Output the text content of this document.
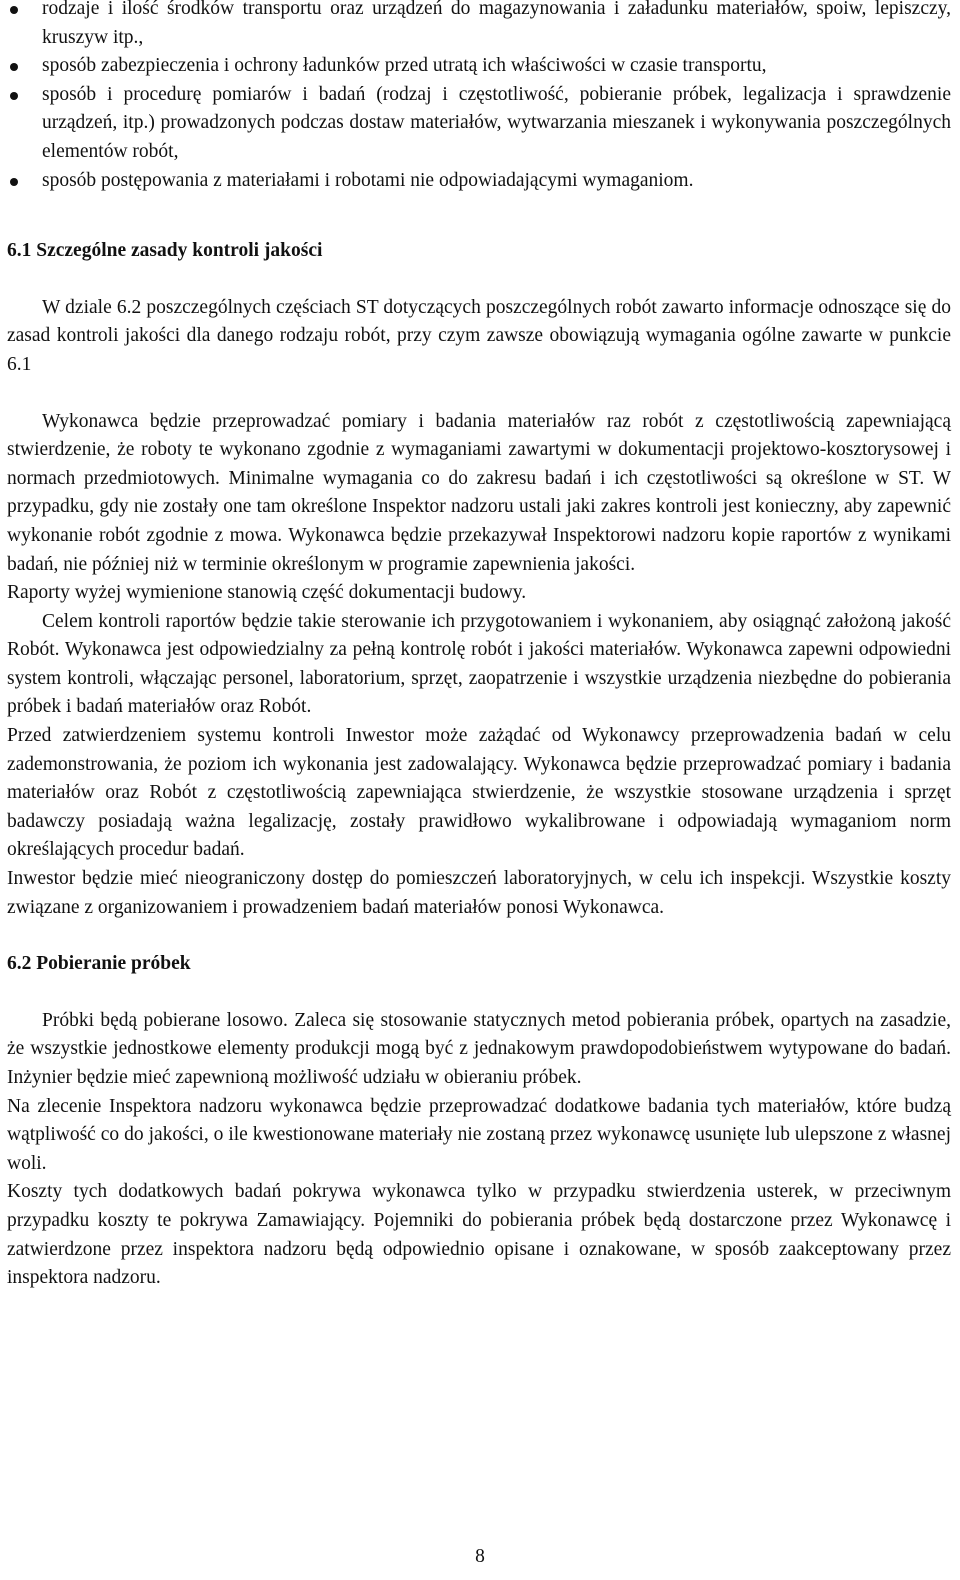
rodzaje i ilość środków transportu oraz urządzeń do magazynowania i załadunku materiałów, spoiw, lepiszczy, kruszyw itp.,
sposób zabezpieczenia i ochrony ładunków przed utratą ich właściwości w czasie transportu,
sposób i procedurę pomiarów i badań (rodzaj i częstotliwość, pobieranie próbek, legalizacja i sprawdzenie urządzeń, itp.) prowadzonych podczas dostaw materiałów, wytwarzania mieszanek i wykonywania poszczególnych elementów robót,
sposób postępowania z materiałami i robotami nie odpowiadającymi wymaganiom.
6.1 Szczególne zasady kontroli jakości

W dziale 6.2 poszczególnych częściach ST dotyczących poszczególnych robót zawarto informacje odnoszące się do zasad kontroli jakości dla danego rodzaju robót, przy czym zawsze obowiązują wymagania ogólne zawarte w punkcie 6.1

Wykonawca będzie przeprowadzać pomiary i badania materiałów raz robót z częstotliwością zapewniającą stwierdzenie, że roboty te wykonano zgodnie z wymaganiami zawartymi w dokumentacji projektowo-kosztorysowej i normach przedmiotowych. Minimalne wymagania co do zakresu badań i ich częstotliwości są określone w ST. W przypadku, gdy nie zostały one tam określone Inspektor nadzoru ustali jaki zakres kontroli jest konieczny, aby zapewnić wykonanie robót zgodnie z mowa. Wykonawca będzie przekazywał Inspektorowi nadzoru kopie raportów z wynikami badań, nie później niż w terminie określonym w programie zapewnienia jakości.

Raporty wyżej wymienione stanowią część dokumentacji budowy.

Celem kontroli raportów będzie takie sterowanie ich przygotowaniem i wykonaniem, aby osiągnąć założoną jakość Robót. Wykonawca jest odpowiedzialny za pełną kontrolę robót i jakości materiałów. Wykonawca zapewni odpowiedni system kontroli, włączając personel, laboratorium, sprzęt, zaopatrzenie i wszystkie urządzenia niezbędne do pobierania próbek i badań materiałów oraz Robót.

Przed zatwierdzeniem systemu kontroli Inwestor może zażądać od Wykonawcy przeprowadzenia badań w celu zademonstrowania, że poziom ich wykonania jest zadowalający. Wykonawca będzie przeprowadzać pomiary i badania materiałów oraz Robót z częstotliwością zapewniająca stwierdzenie, że wszystkie stosowane urządzenia i sprzęt badawczy posiadają ważna legalizację, zostały prawidłowo wykalibrowane i odpowiadają wymaganiom norm określających procedur badań.

Inwestor będzie mieć nieograniczony dostęp do pomieszczeń laboratoryjnych, w celu ich inspekcji. Wszystkie koszty związane z organizowaniem i prowadzeniem badań materiałów ponosi Wykonawca.

6.2 Pobieranie próbek

Próbki będą pobierane losowo. Zaleca się stosowanie statycznych metod pobierania próbek, opartych na zasadzie, że wszystkie jednostkowe elementy produkcji mogą być z jednakowym prawdopodobieństwem wytypowane do badań. Inżynier będzie mieć zapewnioną możliwość udziału w obieraniu próbek.

Na zlecenie Inspektora nadzoru wykonawca będzie przeprowadzać dodatkowe badania tych materiałów, które budzą wątpliwość co do jakości, o ile kwestionowane materiały nie zostaną przez wykonawcę usunięte lub ulepszone z własnej woli.

Koszty tych dodatkowych badań pokrywa wykonawca tylko w przypadku stwierdzenia usterek, w przeciwnym przypadku koszty te pokrywa Zamawiający. Pojemniki do pobierania próbek będą dostarczone przez Wykonawcę i zatwierdzone przez inspektora nadzoru będą odpowiednio opisane i oznakowane, w sposób zaakceptowany przez inspektora nadzoru.

8
